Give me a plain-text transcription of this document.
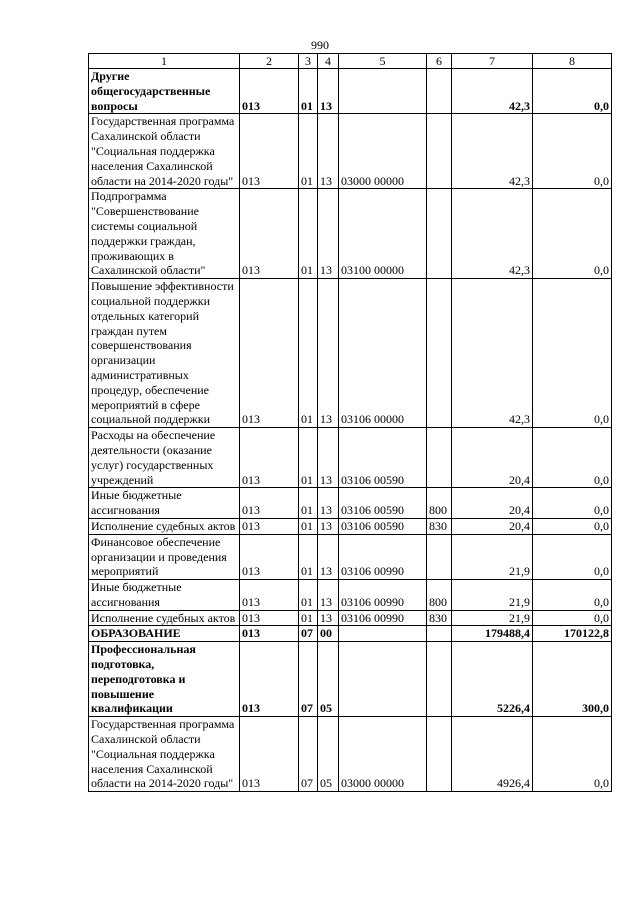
990
1	2	3	4	5	6	7	8
Другие общегосударственные вопросы	013	01	13			42,3	0,0
Государственная программа Сахалинской области "Социальная поддержка населения Сахалинской области на 2014-2020 годы"	013	01	13	03000 00000		42,3	0,0
Подпрограмма "Совершенствование системы социальной поддержки граждан, проживающих в Сахалинской области"	013	01	13	03100 00000		42,3	0,0
Повышение эффективности социальной поддержки отдельных категорий граждан путем совершенствования организации административных процедур, обеспечение мероприятий в сфере социальной поддержки	013	01	13	03106 00000		42,3	0,0
Расходы на обеспечение деятельности (оказание услуг) государственных учреждений	013	01	13	03106 00590		20,4	0,0
Иные бюджетные ассигнования	013	01	13	03106 00590	800	20,4	0,0
Исполнение судебных актов	013	01	13	03106 00590	830	20,4	0,0
Финансовое обеспечение организации и проведения мероприятий	013	01	13	03106 00990		21,9	0,0
Иные бюджетные ассигнования	013	01	13	03106 00990	800	21,9	0,0
Исполнение судебных актов	013	01	13	03106 00990	830	21,9	0,0
ОБРАЗОВАНИЕ	013	07	00			179488,4	170122,8
Профессиональная подготовка, переподготовка и повышение квалификации	013	07	05			5226,4	300,0
Государственная программа Сахалинской области "Социальная поддержка населения Сахалинской области на 2014-2020 годы"	013	07	05	03000 00000		4926,4	0,0
